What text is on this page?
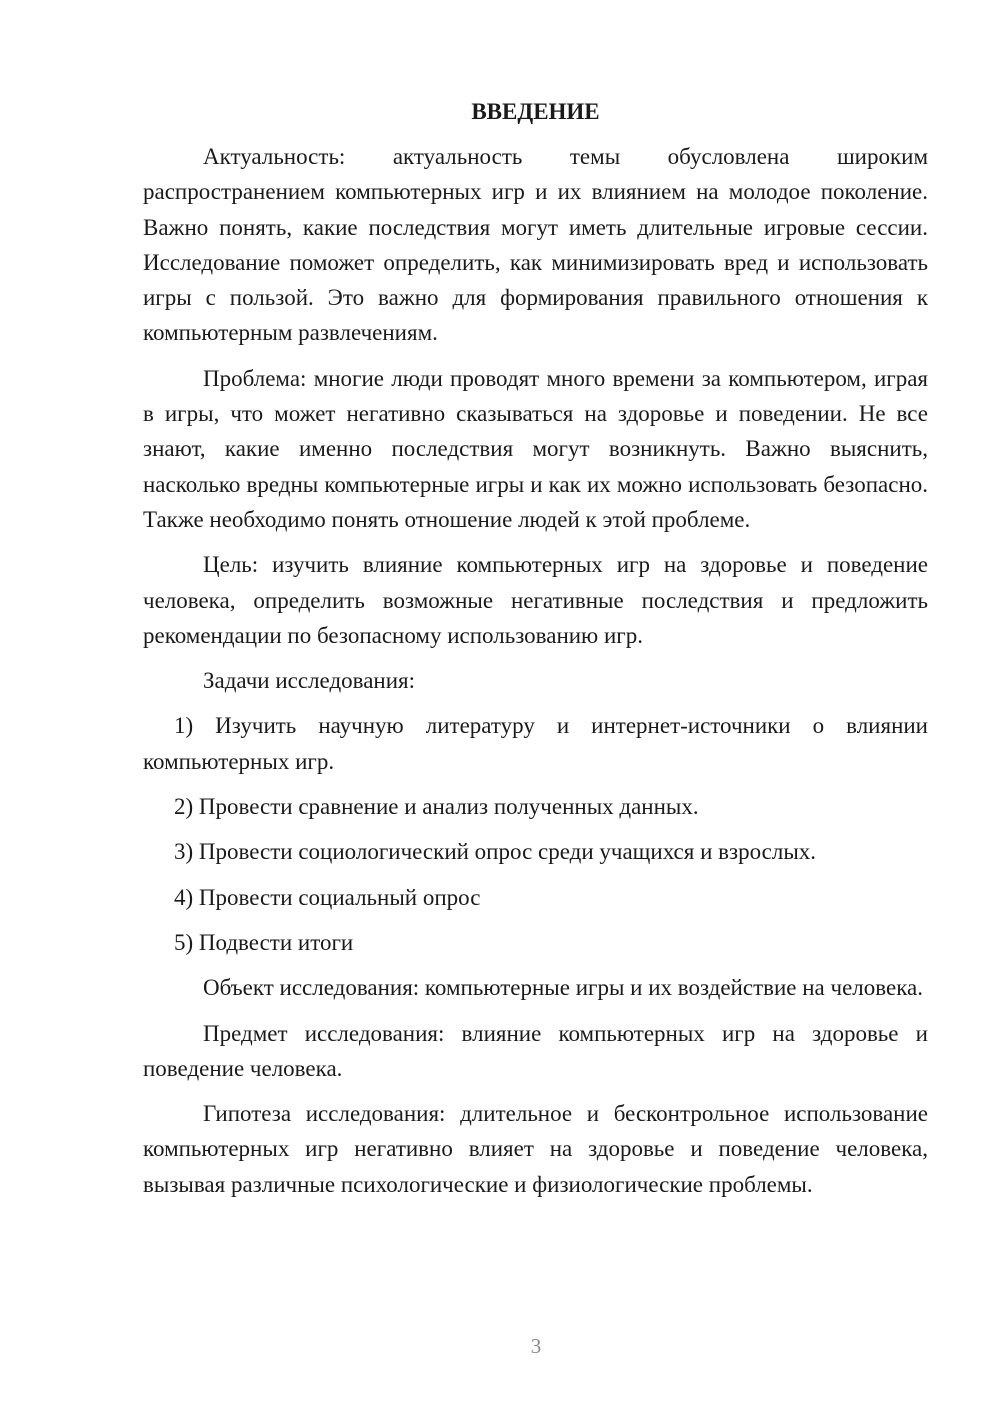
ВВЕДЕНИЕ

Актуальность: актуальность темы обусловлена широким распространением компьютерных игр и их влиянием на молодое поколение. Важно понять, какие последствия могут иметь длительные игровые сессии. Исследование поможет определить, как минимизировать вред и использовать игры с пользой. Это важно для формирования правильного отношения к компьютерным развлечениям.

Проблема: многие люди проводят много времени за компьютером, играя в игры, что может негативно сказываться на здоровье и поведении. Не все знают, какие именно последствия могут возникнуть. Важно выяснить, насколько вредны компьютерные игры и как их можно использовать безопасно. Также необходимо понять отношение людей к этой проблеме.

Цель: изучить влияние компьютерных игр на здоровье и поведение человека, определить возможные негативные последствия и предложить рекомендации по безопасному использованию игр.

Задачи исследования:

1) Изучить научную литературу и интернет-источники о влиянии компьютерных игр.

2) Провести сравнение и анализ полученных данных.

3) Провести социологический опрос среди учащихся и взрослых.

4) Провести социальный опрос

5) Подвести итоги

Объект исследования: компьютерные игры и их воздействие на человека.

Предмет исследования: влияние компьютерных игр на здоровье и поведение человека.

Гипотеза исследования: длительное и бесконтрольное использование компьютерных игр негативно влияет на здоровье и поведение человека, вызывая различные психологические и физиологические проблемы.

3
